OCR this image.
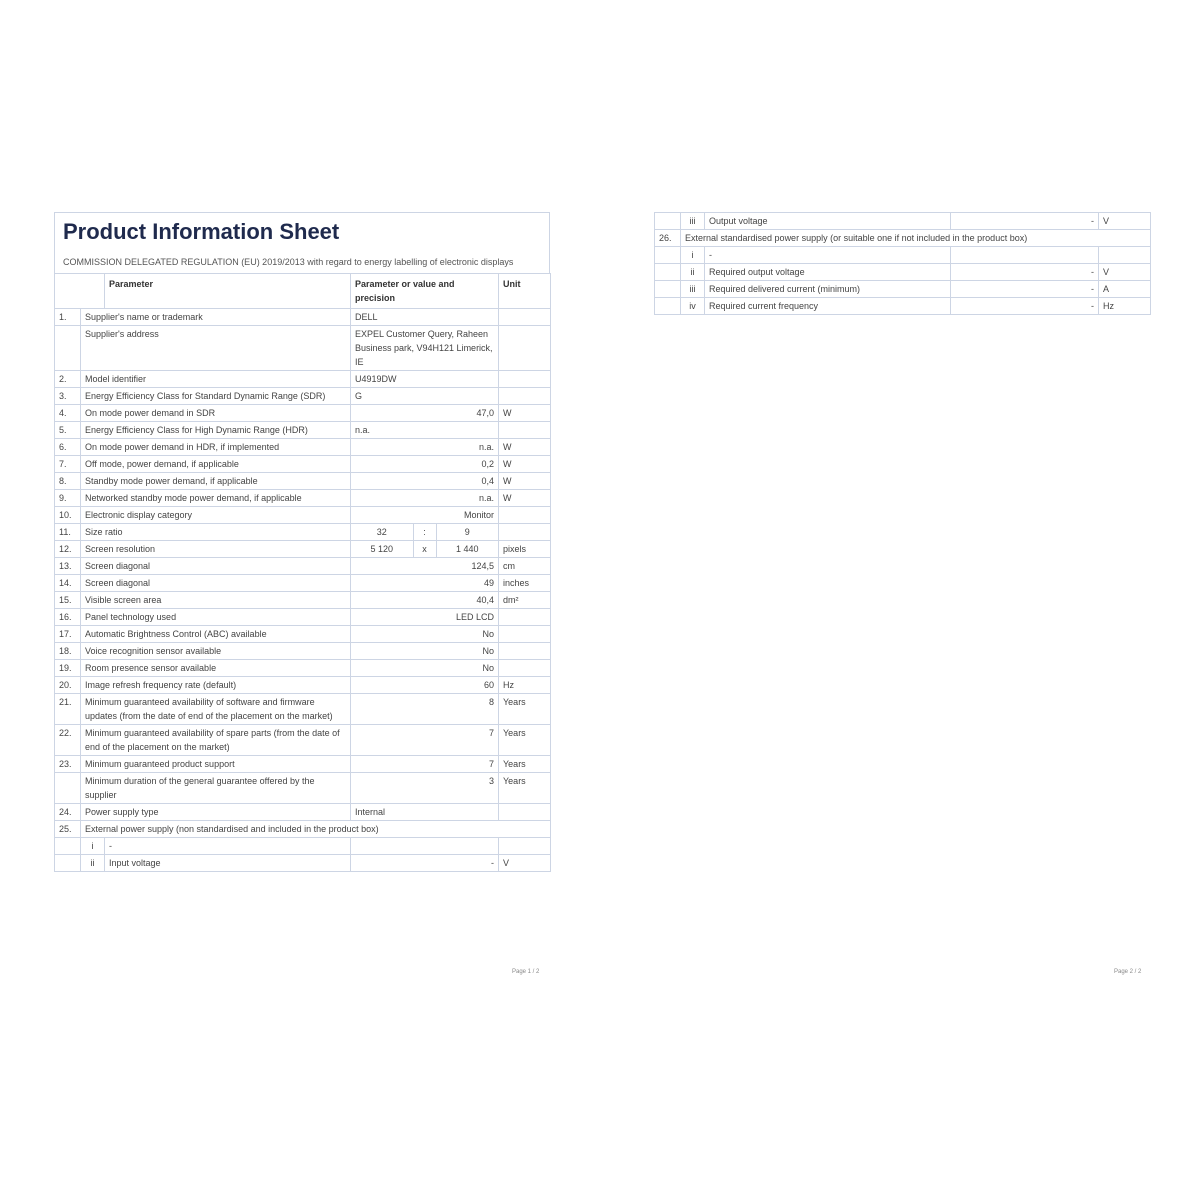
Product Information Sheet
COMMISSION DELEGATED REGULATION (EU) 2019/2013 with regard to energy labelling of electronic displays
		Parameter	Parameter or value and precision	Unit
1.	Supplier's name or trademark		DELL	
	Supplier's address		EXPEL Customer Query, Raheen Business park, V94H121 Limerick, IE	
2.	Model identifier		U4919DW	
3.	Energy Efficiency Class for Standard Dynamic Range (SDR)		G	
4.	On mode power demand in SDR		47,0	W
5.	Energy Efficiency Class for High Dynamic Range (HDR)		n.a.	
6.	On mode power demand in HDR, if implemented		n.a.	W
7.	Off mode, power demand, if applicable		0,2	W
8.	Standby mode power demand, if applicable		0,4	W
9.	Networked standby mode power demand, if applicable		n.a.	W
10.	Electronic display category		Monitor	
11.	Size ratio		32 : 9	

12.	Screen resolution		5 120 x 1 440	pixels
13.	Screen diagonal		124,5	cm
14.	Screen diagonal		49	inches
15.	Visible screen area		40,4	dm²
16.	Panel technology used		LED LCD	
17.	Automatic Brightness Control (ABC) available		No	
18.	Voice recognition sensor available		No	
19.	Room presence sensor available		No	
20.	Image refresh frequency rate (default)		60	Hz
21.	Minimum guaranteed availability of software and firmware updates (from the date of end of the placement on the market)		8	Years
22.	Minimum guaranteed availability of spare parts (from the date of end of the placement on the market)		7	Years
23.	Minimum guaranteed product support		7	Years
	Minimum duration of the general guarantee offered by the supplier		3	Years
24.	Power supply type		Internal	
25.	External power supply (non standardised and included in the product box)			
	i	-		
	ii	Input voltage	-	V
Page 1 / 2
	iii	Output voltage	-	V
26.	External standardised power supply (or suitable one if not included in the product box)			
	i	-		
	ii	Required output voltage	-	V
	iii	Required delivered current (minimum)	-	A
	iv	Required current frequency	-	Hz
Page 2 / 2
